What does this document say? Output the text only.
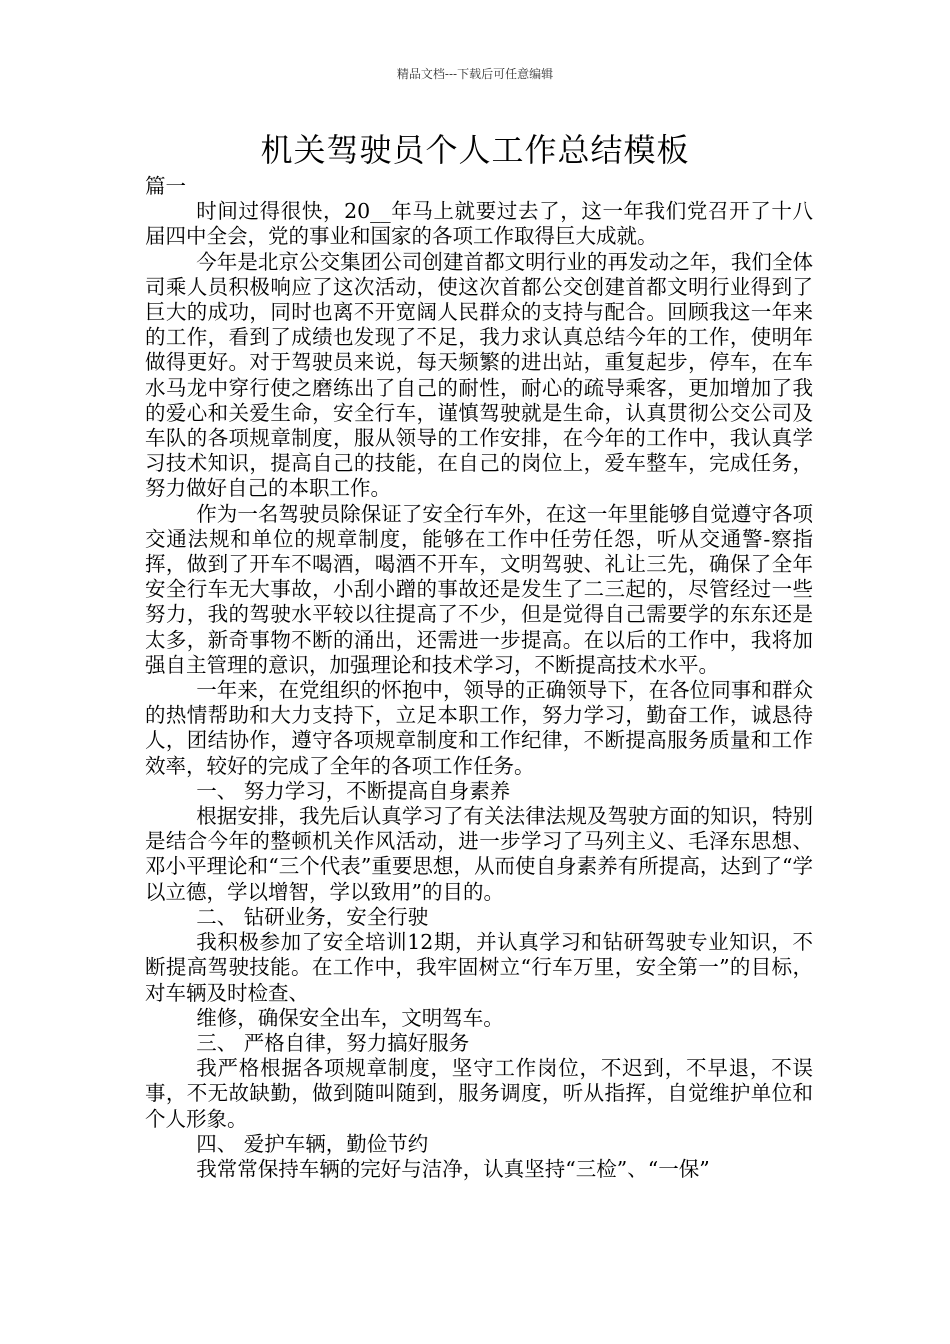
精品文档---下载后可任意编辑
机关驾驶员个人工作总结模板

篇一

时间过得很快，20__年马上就要过去了，这一年我们党召开了十八届四中全会，党的事业和国家的各项工作取得巨大成就。

今年是北京公交集团公司创建首都文明行业的再发动之年，我们全体司乘人员积极响应了这次活动，使这次首都公交创建首都文明行业得到了巨大的成功，同时也离不开宽阔人民群众的支持与配合。回顾我这一年来的工作，看到了成绩也发现了不足，我力求认真总结今年的工作，使明年做得更好。对于驾驶员来说，每天频繁的进出站，重复起步，停车，在车水马龙中穿行使之磨练出了自己的耐性，耐心的疏导乘客，更加增加了我的爱心和关爱生命，安全行车，谨慎驾驶就是生命，认真贯彻公交公司及车队的各项规章制度，服从领导的工作安排，在今年的工作中，我认真学习技术知识，提高自己的技能，在自己的岗位上，爱车整车，完成任务，努力做好自己的本职工作。

作为一名驾驶员除保证了安全行车外，在这一年里能够自觉遵守各项交通法规和单位的规章制度，能够在工作中任劳任怨，听从交通警-察指挥，做到了开车不喝酒，喝酒不开车，文明驾驶、礼让三先，确保了全年安全行车无大事故，小刮小蹭的事故还是发生了二三起的，尽管经过一些努力，我的驾驶水平较以往提高了不少，但是觉得自己需要学的东东还是太多，新奇事物不断的涌出，还需进一步提高。在以后的工作中，我将加强自主管理的意识，加强理论和技术学习，不断提高技术水平。

一年来，在党组织的怀抱中，领导的正确领导下，在各位同事和群众的热情帮助和大力支持下，立足本职工作，努力学习，勤奋工作，诚恳待人，团结协作，遵守各项规章制度和工作纪律，不断提高服务质量和工作效率，较好的完成了全年的各项工作任务。

一、 努力学习，不断提高自身素养

根据安排，我先后认真学习了有关法律法规及驾驶方面的知识，特别是结合今年的整顿机关作风活动，进一步学习了马列主义、毛泽东思想、邓小平理论和“三个代表”重要思想，从而使自身素养有所提高，达到了“学以立德，学以增智，学以致用”的目的。

二、 钻研业务，安全行驶

我积极参加了安全培训12期，并认真学习和钻研驾驶专业知识，不断提高驾驶技能。在工作中，我牢固树立“行车万里，安全第一”的目标，对车辆及时检查、

维修，确保安全出车，文明驾车。

三、 严格自律，努力搞好服务

我严格根据各项规章制度，坚守工作岗位，不迟到，不早退，不误事，不无故缺勤，做到随叫随到，服务调度，听从指挥，自觉维护单位和个人形象。

四、 爱护车辆，勤俭节约

我常常保持车辆的完好与洁净，认真坚持“三检”、“一保”
